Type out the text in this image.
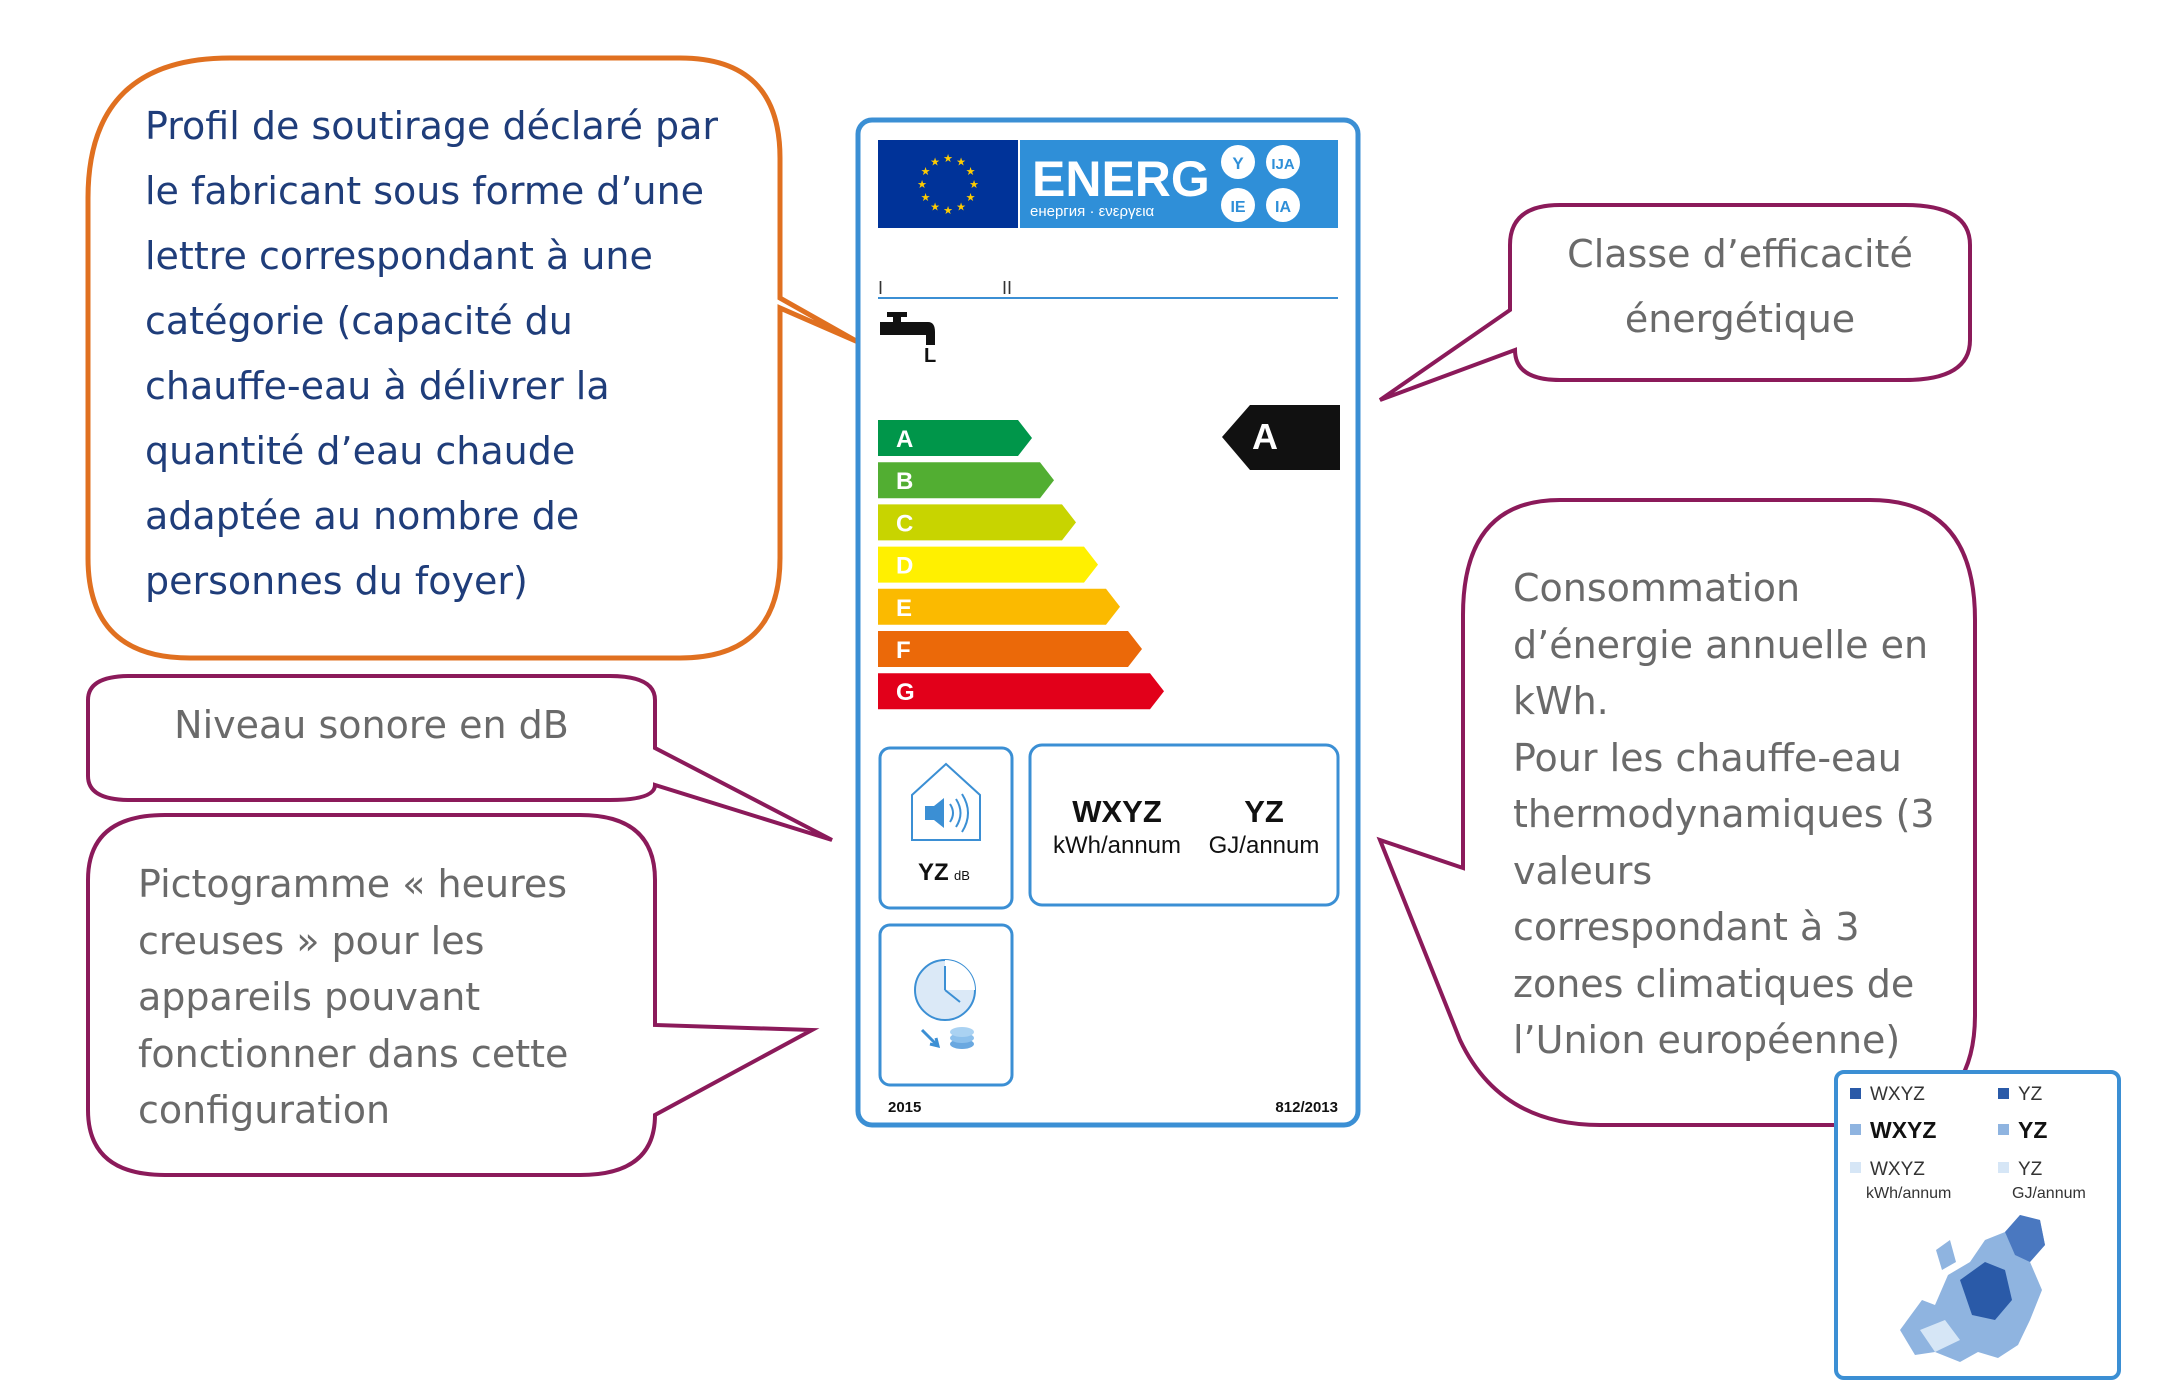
★ ★
★
★
★
★
★
★
★
★
★
★ ENERG
енергия · ενεργεια
Y IJA
IE IA
I	II
L
A
B
C
D
E
F
G
A
YZ dB
WXYZ
kWh/annum
YZ
GJ/annum
2015	812/2013
WXYZ	YZ
WXYZ	YZ
WXYZ	YZ
kWh/annum	GJ/annum
Profil de soutirage déclaré par
le fabricant sous forme d’une
lettre correspondant à une
catégorie (capacité du
chauffe-eau à délivrer la
quantité d’eau chaude
adaptée au nombre de
personnes du foyer)
Classe d’efficacité
énergétique
Consommation
d’énergie annuelle en
kWh.
Pour les chauffe-eau
thermodynamiques (3
valeurs
correspondant à 3
zones climatiques de
l’Union européenne)
Niveau sonore en dB
Pictogramme « heures
creuses » pour les
appareils pouvant
fonctionner dans cette
configuration
